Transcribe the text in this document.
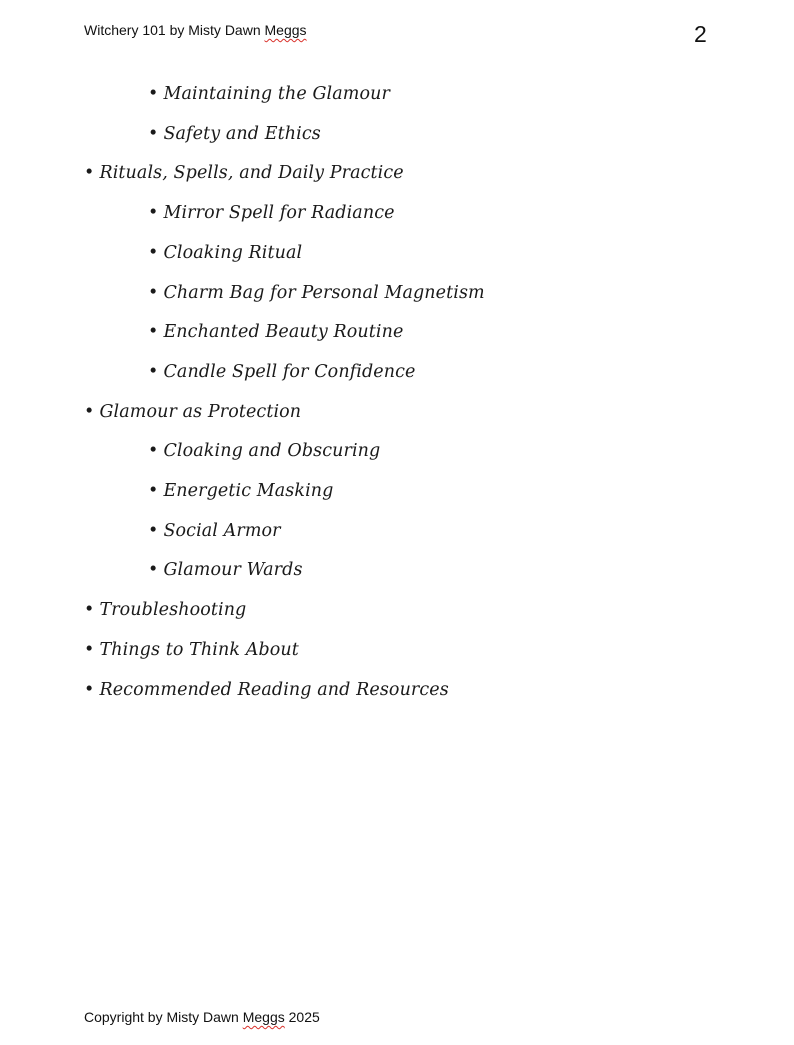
Witchery 101 by Misty Dawn Meggs	2
• Maintaining the Glamour
• Safety and Ethics
• Rituals, Spells, and Daily Practice
• Mirror Spell for Radiance
• Cloaking Ritual
• Charm Bag for Personal Magnetism
• Enchanted Beauty Routine
• Candle Spell for Confidence
• Glamour as Protection
• Cloaking and Obscuring
• Energetic Masking
• Social Armor
• Glamour Wards
• Troubleshooting
• Things to Think About
• Recommended Reading and Resources
Copyright by Misty Dawn Meggs 2025
